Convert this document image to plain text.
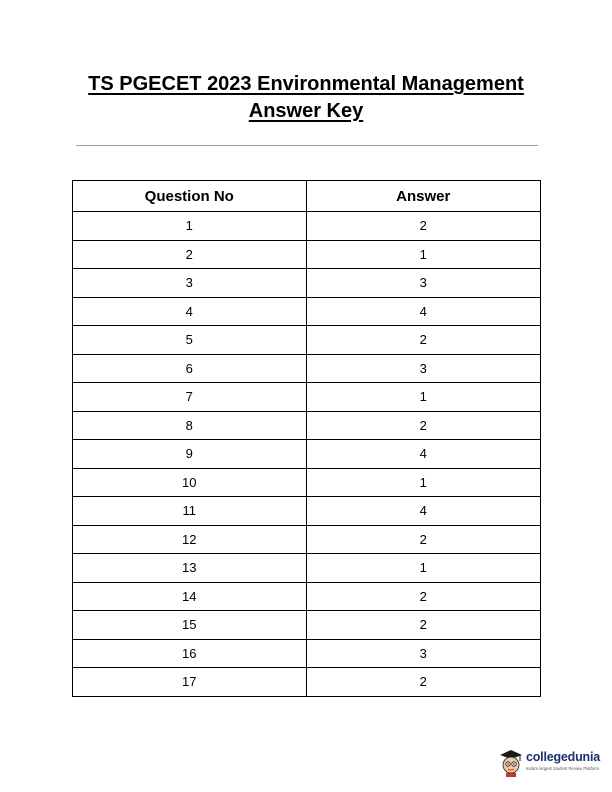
TS PGECET 2023 Environmental Management
Answer Key
Question No	Answer
1	2
2	1
3	3
4	4
5	2
6	3
7	1
8	2
9	4
10	1
11	4
12	2
13	1
14	2
15	2
16	3
17	2
collegedunia
India's largest Student Review Platform
